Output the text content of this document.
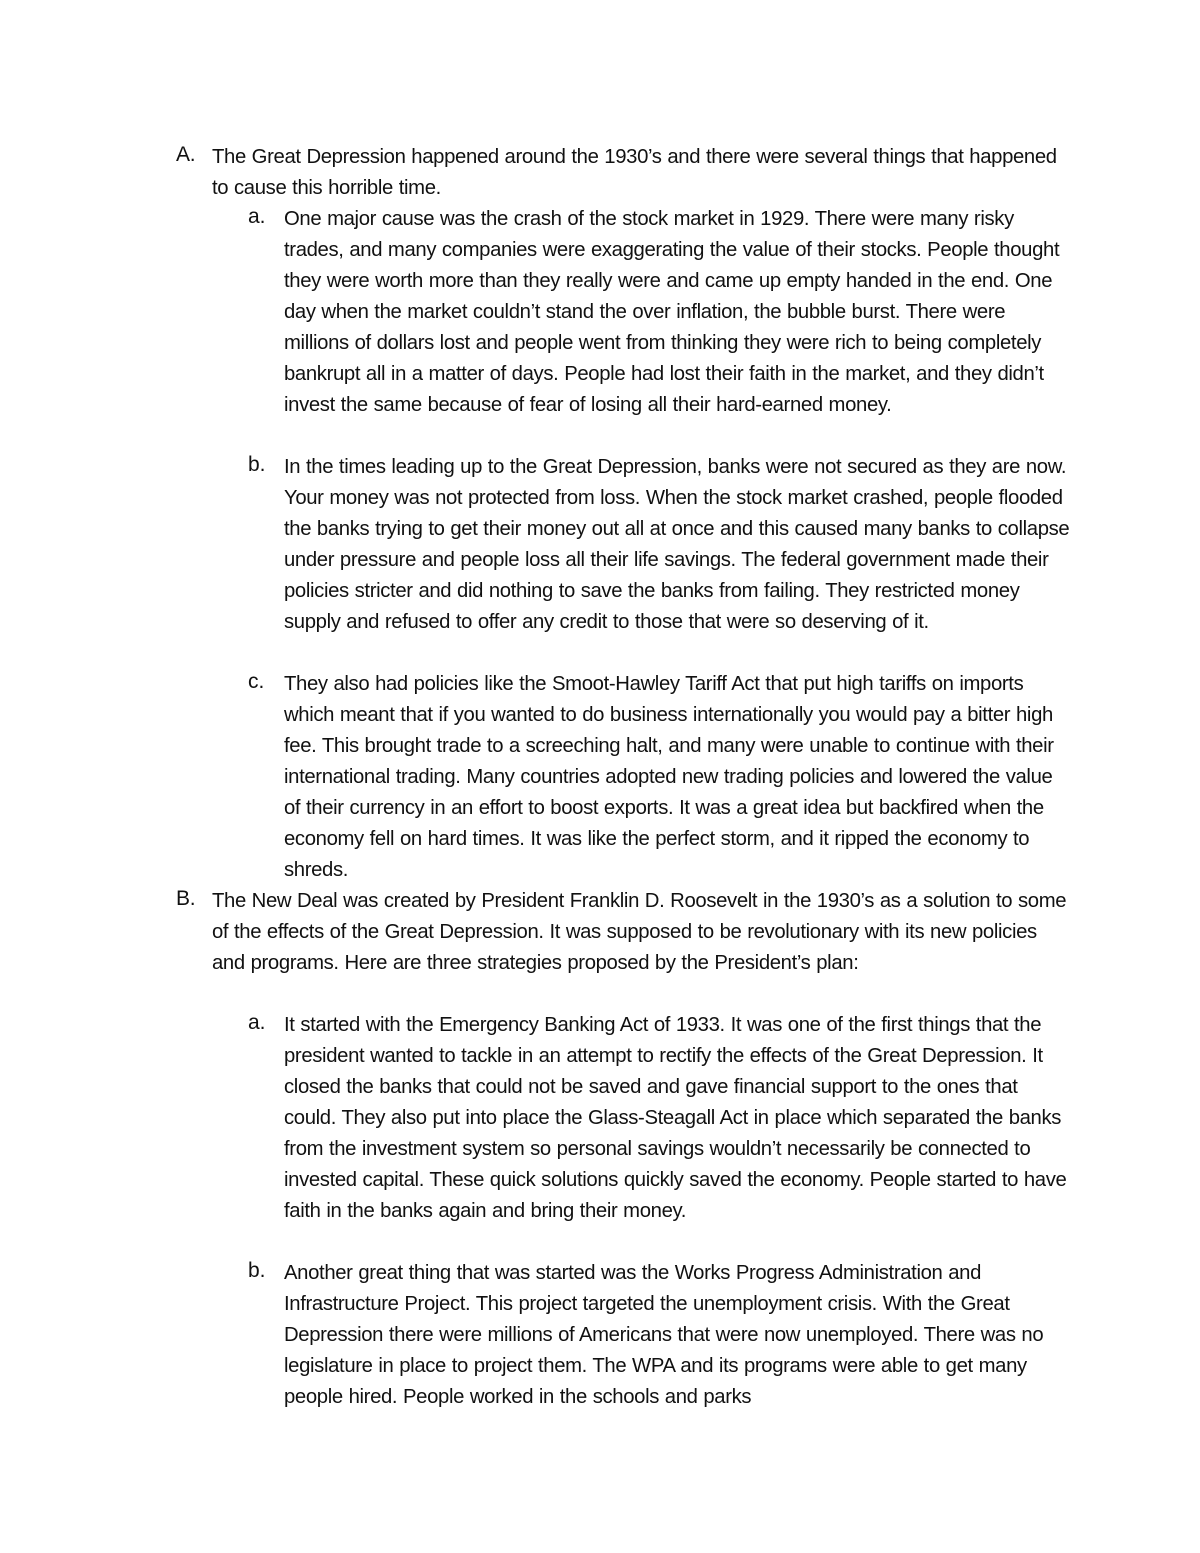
A. The Great Depression happened around the 1930’s and there were several things that happened to cause this horrible time.
a. One major cause was the crash of the stock market in 1929. There were many risky trades, and many companies were exaggerating the value of their stocks. People thought they were worth more than they really were and came up empty handed in the end. One day when the market couldn’t stand the over inflation, the bubble burst. There were millions of dollars lost and people went from thinking they were rich to being completely bankrupt all in a matter of days. People had lost their faith in the market, and they didn’t invest the same because of fear of losing all their hard-earned money.
b. In the times leading up to the Great Depression, banks were not secured as they are now. Your money was not protected from loss. When the stock market crashed, people flooded the banks trying to get their money out all at once and this caused many banks to collapse under pressure and people loss all their life savings. The federal government made their policies stricter and did nothing to save the banks from failing. They restricted money supply and refused to offer any credit to those that were so deserving of it.
c. They also had policies like the Smoot-Hawley Tariff Act that put high tariffs on imports which meant that if you wanted to do business internationally you would pay a bitter high fee. This brought trade to a screeching halt, and many were unable to continue with their international trading. Many countries adopted new trading policies and lowered the value of their currency in an effort to boost exports. It was a great idea but backfired when the economy fell on hard times. It was like the perfect storm, and it ripped the economy to shreds.
B. The New Deal was created by President Franklin D. Roosevelt in the 1930’s as a solution to some of the effects of the Great Depression. It was supposed to be revolutionary with its new policies and programs. Here are three strategies proposed by the President’s plan:
a. It started with the Emergency Banking Act of 1933. It was one of the first things that the president wanted to tackle in an attempt to rectify the effects of the Great Depression. It closed the banks that could not be saved and gave financial support to the ones that could. They also put into place the Glass-Steagall Act in place which separated the banks from the investment system so personal savings wouldn’t necessarily be connected to invested capital. These quick solutions quickly saved the economy. People started to have faith in the banks again and bring their money.
b. Another great thing that was started was the Works Progress Administration and Infrastructure Project. This project targeted the unemployment crisis. With the Great Depression there were millions of Americans that were now unemployed. There was no legislature in place to project them. The WPA and its programs were able to get many people hired. People worked in the schools and parks
